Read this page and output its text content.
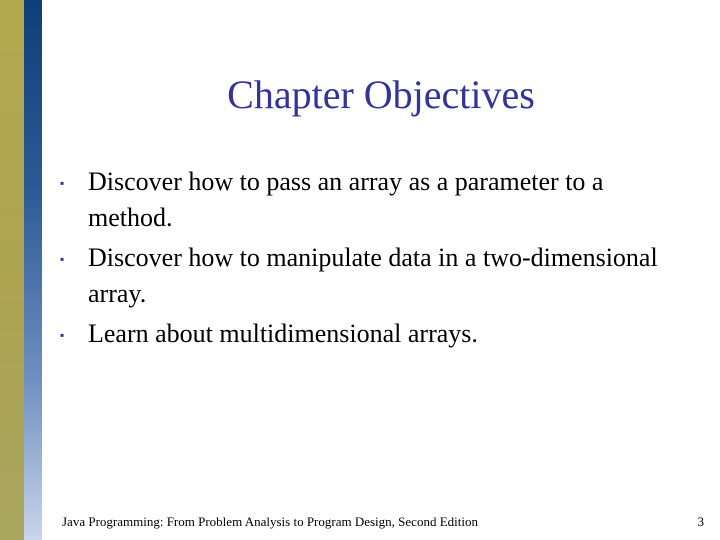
Chapter Objectives
▪ Discover how to pass an array as a parameter to a method.
▪ Discover how to manipulate data in a two-dimensional array.
▪ Learn about multidimensional arrays.
Java Programming: From Problem Analysis to Program Design, Second Edition	3
